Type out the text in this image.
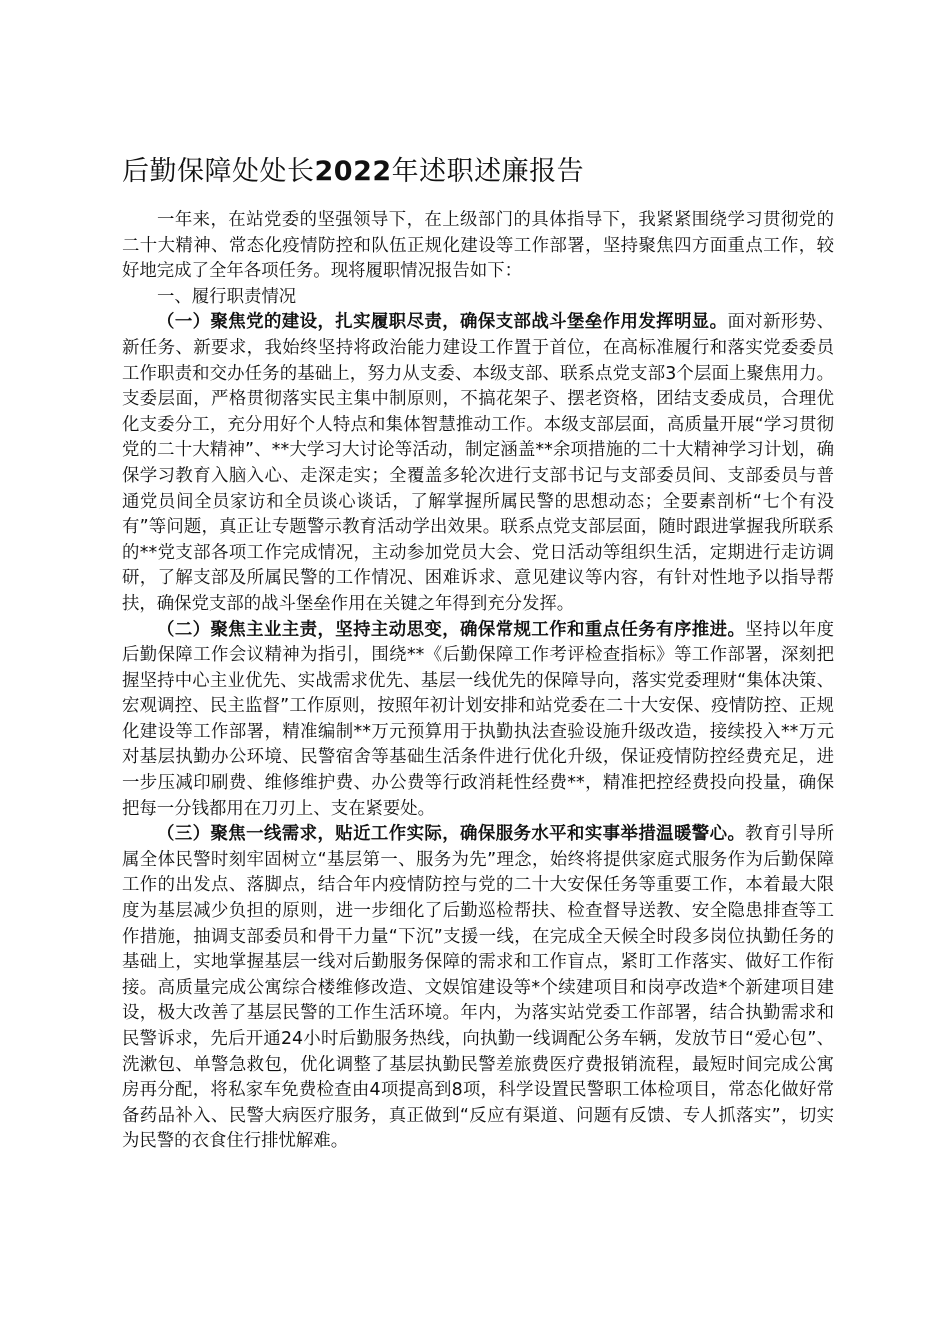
后勤保障处处长2022年述职述廉报告

一年来，在站党委的坚强领导下，在上级部门的具体指导下，我紧紧围绕学习贯彻党的二十大精神、常态化疫情防控和队伍正规化建设等工作部署，坚持聚焦四方面重点工作，较好地完成了全年各项任务。现将履职情况报告如下：

一、履行职责情况

（一）聚焦党的建设，扎实履职尽责，确保支部战斗堡垒作用发挥明显。面对新形势、新任务、新要求，我始终坚持将政治能力建设工作置于首位，在高标准履行和落实党委委员工作职责和交办任务的基础上，努力从支委、本级支部、联系点党支部3个层面上聚焦用力。支委层面，严格贯彻落实民主集中制原则，不搞花架子、摆老资格，团结支委成员，合理优化支委分工，充分用好个人特点和集体智慧推动工作。本级支部层面，高质量开展“学习贯彻党的二十大精神”、**大学习大讨论等活动，制定涵盖**余项措施的二十大精神学习计划，确保学习教育入脑入心、走深走实；全覆盖多轮次进行支部书记与支部委员间、支部委员与普通党员间全员家访和全员谈心谈话，了解掌握所属民警的思想动态；全要素剖析“七个有没有”等问题，真正让专题警示教育活动学出效果。联系点党支部层面，随时跟进掌握我所联系的**党支部各项工作完成情况，主动参加党员大会、党日活动等组织生活，定期进行走访调研，了解支部及所属民警的工作情况、困难诉求、意见建议等内容，有针对性地予以指导帮扶，确保党支部的战斗堡垒作用在关键之年得到充分发挥。

（二）聚焦主业主责，坚持主动思变，确保常规工作和重点任务有序推进。坚持以年度后勤保障工作会议精神为指引，围绕**《后勤保障工作考评检查指标》等工作部署，深刻把握坚持中心主业优先、实战需求优先、基层一线优先的保障导向，落实党委理财“集体决策、宏观调控、民主监督”工作原则，按照年初计划安排和站党委在二十大安保、疫情防控、正规化建设等工作部署，精准编制**万元预算用于执勤执法查验设施升级改造，接续投入**万元对基层执勤办公环境、民警宿舍等基础生活条件进行优化升级，保证疫情防控经费充足，进一步压减印刷费、维修维护费、办公费等行政消耗性经费**，精准把控经费投向投量，确保把每一分钱都用在刀刃上、支在紧要处。

（三）聚焦一线需求，贴近工作实际，确保服务水平和实事举措温暖警心。教育引导所属全体民警时刻牢固树立“基层第一、服务为先”理念，始终将提供家庭式服务作为后勤保障工作的出发点、落脚点，结合年内疫情防控与党的二十大安保任务等重要工作，本着最大限度为基层减少负担的原则，进一步细化了后勤巡检帮扶、检查督导送教、安全隐患排查等工作措施，抽调支部委员和骨干力量“下沉”支援一线，在完成全天候全时段多岗位执勤任务的基础上，实地掌握基层一线对后勤服务保障的需求和工作盲点，紧盯工作落实、做好工作衔接。高质量完成公寓综合楼维修改造、文娱馆建设等*个续建项目和岗亭改造*个新建项目建设，极大改善了基层民警的工作生活环境。年内，为落实站党委工作部署，结合执勤需求和民警诉求，先后开通24小时后勤服务热线，向执勤一线调配公务车辆，发放节日“爱心包”、洗漱包、单警急救包，优化调整了基层执勤民警差旅费医疗费报销流程，最短时间完成公寓房再分配，将私家车免费检查由4项提高到8项，科学设置民警职工体检项目，常态化做好常备药品补入、民警大病医疗服务，真正做到“反应有渠道、问题有反馈、专人抓落实”，切实为民警的衣食住行排忧解难。
